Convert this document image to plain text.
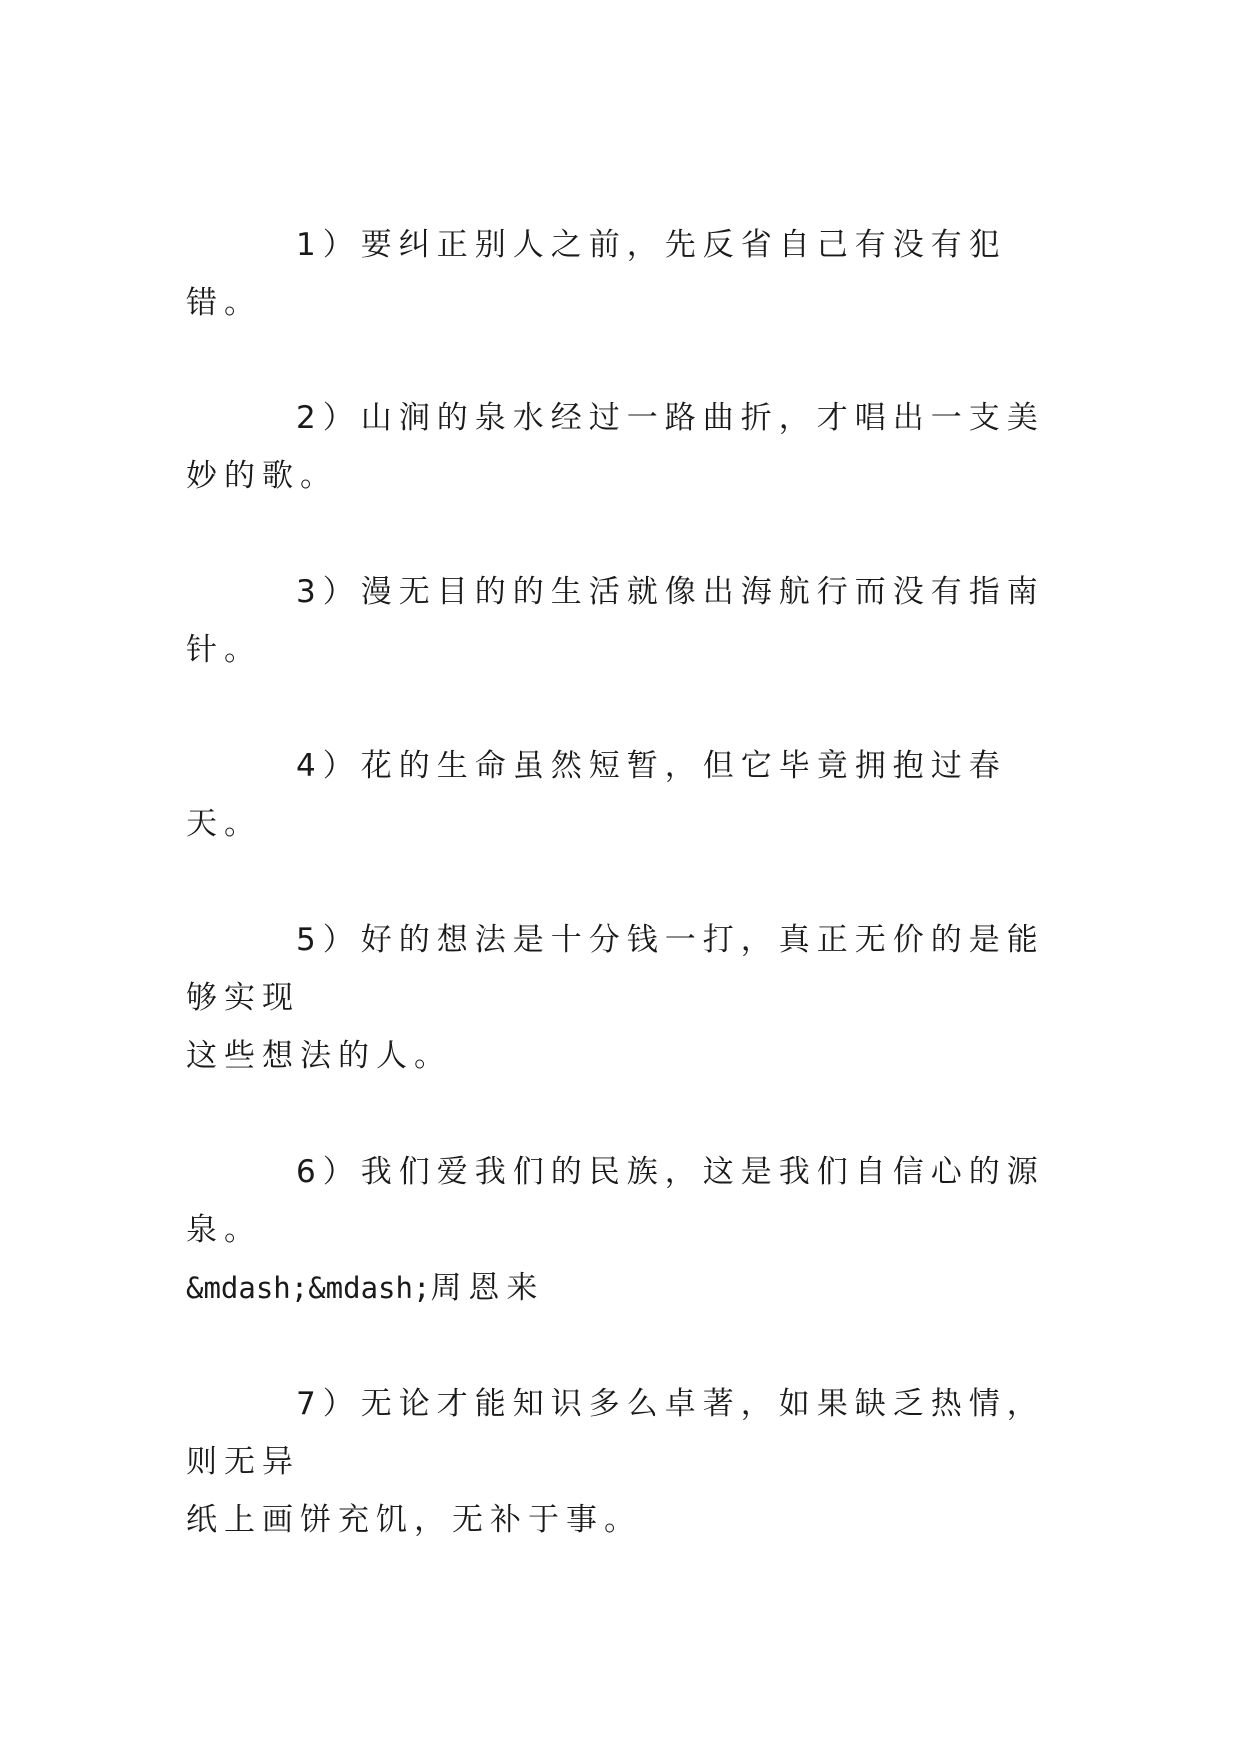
1）要纠正别人之前，先反省自己有没有犯错。
2）山涧的泉水经过一路曲折，才唱出一支美妙的歌。
3）漫无目的的生活就像出海航行而没有指南针。
4）花的生命虽然短暂，但它毕竟拥抱过春天。
5）好的想法是十分钱一打，真正无价的是能够实现
这些想法的人。
6）我们爱我们的民族，这是我们自信心的源泉。
&mdash;&mdash;周恩来
7）无论才能知识多么卓著，如果缺乏热情，则无异
纸上画饼充饥，无补于事。
